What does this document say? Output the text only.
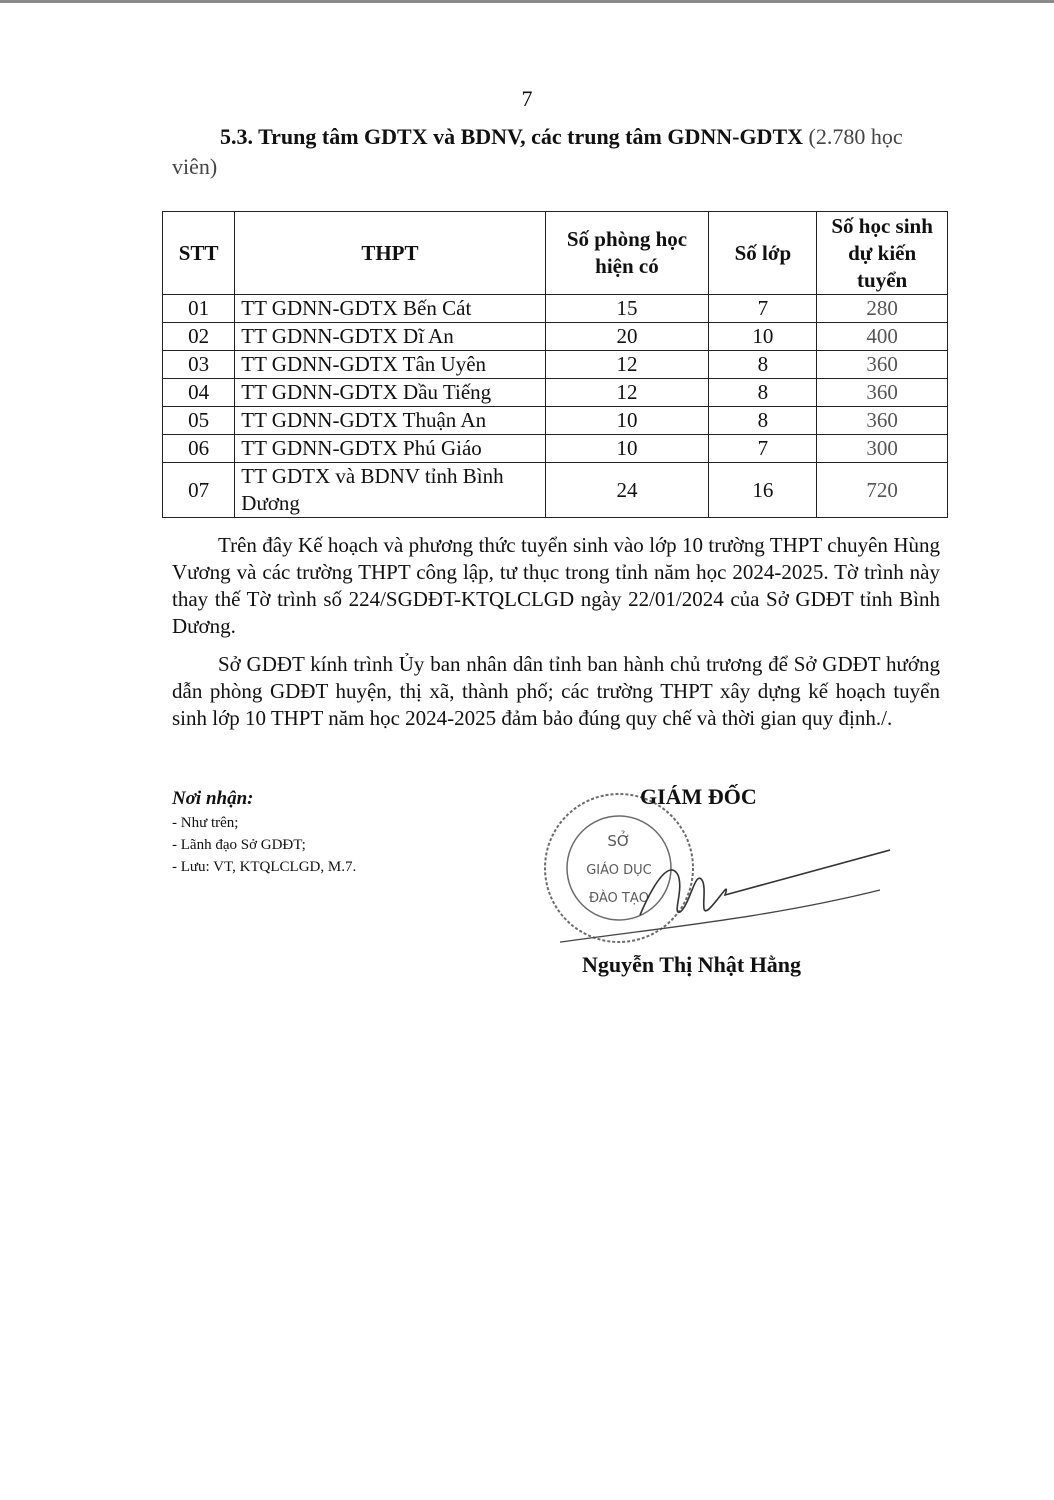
7
5.3. Trung tâm GDTX và BDNV, các trung tâm GDNN-GDTX (2.780 học viên)
STT	THPT	Số phòng học hiện có	Số lớp	Số học sinh dự kiến tuyển
01	TT GDNN-GDTX Bến Cát	15	7	280
02	TT GDNN-GDTX Dĩ An	20	10	400
03	TT GDNN-GDTX Tân Uyên	12	8	360
04	TT GDNN-GDTX Dầu Tiếng	12	8	360
05	TT GDNN-GDTX Thuận An	10	8	360
06	TT GDNN-GDTX Phú Giáo	10	7	300
07	TT GDTX và BDNV tỉnh Bình Dương	24	16	720
Trên đây Kế hoạch và phương thức tuyển sinh vào lớp 10 trường THPT chuyên Hùng Vương và các trường THPT công lập, tư thục trong tỉnh năm học 2024-2025. Tờ trình này thay thế Tờ trình số 224/SGDĐT-KTQLCLGD ngày 22/01/2024 của Sở GDĐT tỉnh Bình Dương.
Sở GDĐT kính trình Ủy ban nhân dân tỉnh ban hành chủ trương để Sở GDĐT hướng dẫn phòng GDĐT huyện, thị xã, thành phố; các trường THPT xây dựng kế hoạch tuyển sinh lớp 10 THPT năm học 2024-2025 đảm bảo đúng quy chế và thời gian quy định./.
Nơi nhận:
- Như trên;
- Lãnh đạo Sở GDĐT;
- Lưu: VT, KTQLCLGD, M.7.
SỞ
GIÁO DỤC
ĐÀO TẠO
GIÁM ĐỐC
Nguyễn Thị Nhật Hằng
